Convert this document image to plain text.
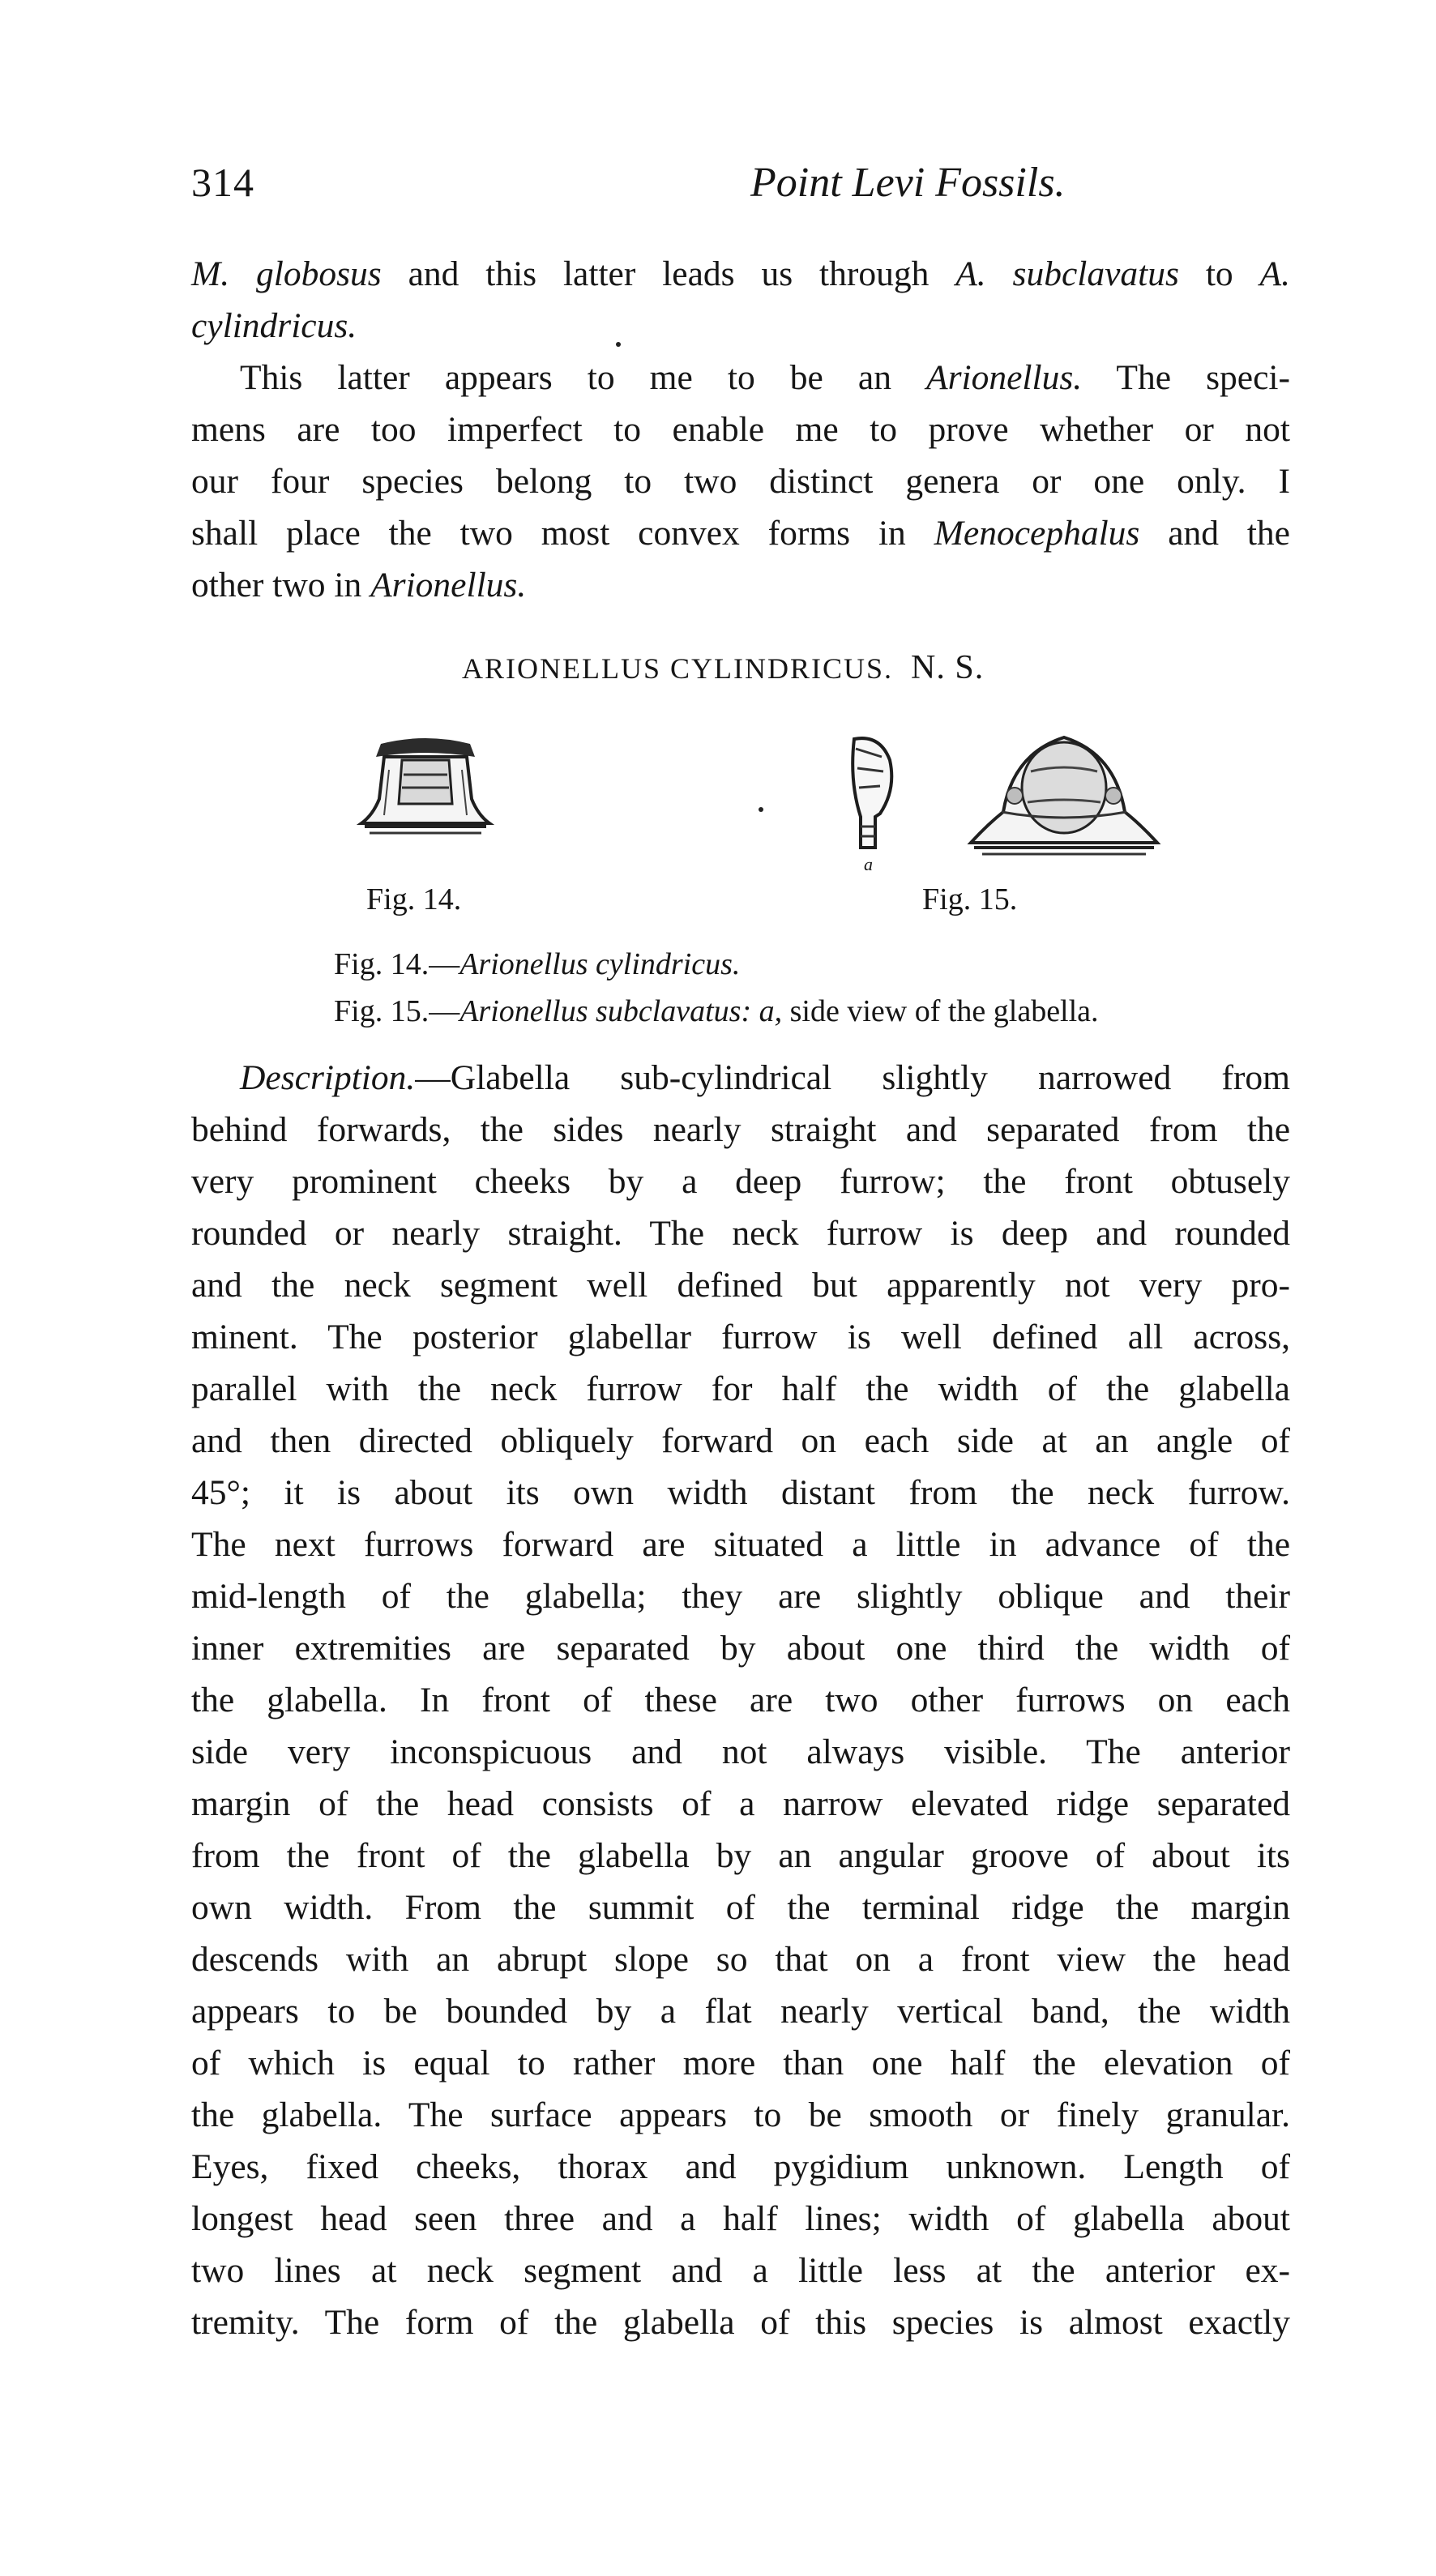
314	Point Levi Fossils.
M. globosus and this latter leads us through A. subclavatus to A.
cylindricus.
This latter appears to me to be an Arionellus. The speci-
mens are too imperfect to enable me to prove whether or not
our four species belong to two distinct genera or one only. I
shall place the two most convex forms in Menocephalus and the
other two in Arionellus.
ARIONELLUS CYLINDRICUS. N. S.
Fig. 14.
a
Fig. 15.
Fig. 14.—Arionellus cylindricus.
Fig. 15.—Arionellus subclavatus: a, side view of the glabella.
Description.—Glabella sub-cylindrical slightly narrowed from
behind forwards, the sides nearly straight and separated from the
very prominent cheeks by a deep furrow; the front obtusely
rounded or nearly straight. The neck furrow is deep and rounded
and the neck segment well defined but apparently not very pro-
minent. The posterior glabellar furrow is well defined all across,
parallel with the neck furrow for half the width of the glabella
and then directed obliquely forward on each side at an angle of
45°; it is about its own width distant from the neck furrow.
The next furrows forward are situated a little in advance of the
mid-length of the glabella; they are slightly oblique and their
inner extremities are separated by about one third the width of
the glabella. In front of these are two other furrows on each
side very inconspicuous and not always visible. The anterior
margin of the head consists of a narrow elevated ridge separated
from the front of the glabella by an angular groove of about its
own width. From the summit of the terminal ridge the margin
descends with an abrupt slope so that on a front view the head
appears to be bounded by a flat nearly vertical band, the width
of which is equal to rather more than one half the elevation of
the glabella. The surface appears to be smooth or finely granular.
Eyes, fixed cheeks, thorax and pygidium unknown. Length of
longest head seen three and a half lines; width of glabella about
two lines at neck segment and a little less at the anterior ex-
tremity. The form of the glabella of this species is almost exactly
